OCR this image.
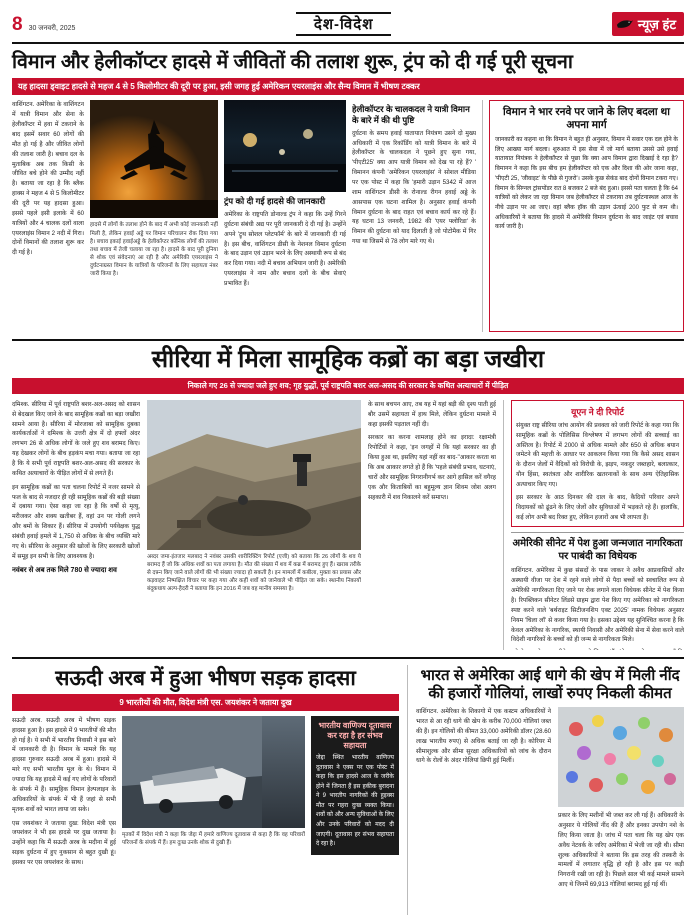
8 30 जनवरी, 2025	देश-विदेश	न्यूज़ हंट
विमान और हेलीकॉप्टर हादसे में जीवितों की तलाश शुरू, ट्रंप को दी गई पूरी सूचना
यह हादसा ड्वाइट हादसे से महज 4 से 5 किलोमीटर की दूरी पर हुआ, इसी जगह हुई अमेरिकन एयरलाइंस और सैन्य विमान में भीषण टक्कर
वाशिंगटन. अमेरिका के वाशिंगटन में यात्री विमान और सेना के हेलीकॉप्टर में हवा में टकराने के बाद इसमें सवार 60 लोगों की मौत हो गई है और जीवित लोगों की तलाश जारी है। बचाव दल के मुताबिक अब तक किसी के जीवित बचे होने की उम्मीद नहीं है। बताया जा रहा है कि ब्लैक हाक्स ने महज 4 से 5 किलोमीटर की दूरी पर यह हादसा हुआ। इससे पहले इसी इलाके में 60 यात्रियों और 4 चालक दलों वाला एयरलाइंस विमान 2 नदी में गिरा। दोनों विमानों की तलाश शुरू कर दी गई है।
हादसे में लोगों के तलाश होने के बाद में अभी कोई जानकारी नहीं मिली है, लेकिन हवाई अड्डे पर विमान परिचालन रोक दिया गया है। बचाव इकाई हवाईअड्डे के हेलीकॉप्टर कॉनिक लोगों की तलाश तथा बचाव में तेजी चलाया जा रहा है। हादसे के बाद पूरी दुनिया से शोक एवं संवेदनाएं आ रही है और अमेरिकी एयरलाइंस ने दुर्घटनाग्रस्त विमान के यात्रियों के परिजनों के लिए सहायता नंबर जारी किया है।
ट्रंप को दी गई हादसे की जानकारी
अमेरिका के राष्ट्रपति डोनाल्ड ट्रंप ने कहा कि उन्हें गिरने दुर्घटना संबंधी अद्य पर पूरी जानकारी दे दी गई है। उन्होंने अपने 'ट्रूथ सोशल प्लेटफॉर्म' के बारे में जानकारी दी गई है। इस बीच, वाशिंगटन डीसी के नेशनल विमान दुर्घटना के बाद उड़ान एवं उड़ान भरने के लिए अस्थायी रूप से बंद कर दिया गया। नदी में बचाव अभियान जारी है। अमेरिकी एयरलाइंस ने नाम और बचाव दलों के बीच सेवाएं प्रभावित हैं।
हेलीकॉप्टर के चालकदल ने यात्री विमान के बारे में की थी पुष्टि
दुर्घटना के समय हवाई यातायात नियंत्रण उसने दो मुख्य अधिकारी में एक रिकॉर्डिंग को यात्री विमान के बारे में हेलीकॉप्टर के चालकदल ने पूछने हुए सुना गया, 'पीएटी25' क्या आप यात्री विमान को देख पा रहे हैं? ' विमानन कंपनी 'अमेरिकन एयरलाइंस' ने सोशल मीडिया पर एक पोस्ट में कहा कि 'हमारी उड़ान 5342 में आज शाम वाशिंगटन डीसी के रोनाल्ड रीगन हवाई अड्डे के आसपास एक घटना शामिल है। अनुसार हवाई कंपनी विमान दुर्घटना के बाद राहत एवं बचाव कार्य कर रहे हैं। यह घटना 13 जनवरी, 1982 की 'एयर फ्लोरिडा' के विमान की दुर्घटना को याद दिलाती है जो पोटोमैक में गिर गया था जिसमें से 78 लोग मारे गए थे।
विमान ने भार रनवे पर जाने के लिए बदला था अपना मार्ग
जानकारी का कहना था कि विमान ने बहुत ही अनुसार, विमान में सवार एक दल होने के लिए आख्या मार्ग बदला। शुरुआत में इस सेवा में जो मार्ग बताया उससे उसे हवाई यातायात नियंत्रक ने हेलीकॉप्टर से पूछा कि क्या आप विमान द्वारा दिखाई दे रहा है? विमानन ने कहा कि इस बीच हम हेलीकॉप्टर को एक और दिशा की ओर जाना कहा, 'पीएटी 25, 'जीवाइट' के पीछे से गुजरो'। उसके कुछ सेकंड बाद दोनों विमान टकरा गए। विमान के सिग्नल ट्रांसपोंडर रात 8 बजकर 2 बजे बंद हुआ। इससे पता चलता है कि 64 यात्रियों को लेकर जा रहा विमान जब हेलीकॉप्टर से टकराया तब दुर्घटनास्थल आज के नीचे उड़ान पर आ जाए। वहां ब्लैक हॉक की उड़ान ऊंचाई 200 फुट से कम थी। अधिकारियों ने बताया कि हादसे में अमेरिकी विमान दुर्घटना के बाद जाइंट एवं बचाव कार्य जारी है।
सीरिया में मिला सामूहिक कब्रों का बड़ा जखीरा
निकाले गए 26 से ज्यादा जले हुए शव; गृह युद्धों, पूर्व राष्ट्रपति बशर अल-असद की सरकार के कथित अत्याचारों में पीड़ित
दमिश्क. सीरिया में पूर्व राष्ट्रपति बशर-अल-असद को शासन से बेदखल किए जाने के बाद सामूहिक कब्रों का बड़ा जखीरा सामने आया है। सीरिया में मोरजाबा को सामूहिक दुबका कार्यकर्ताओं ने दमिश्क के उत्तरी क्षेत्र में दो हफ्तों अंदर लगभग 26 से अधिक लोगों के जले हुए शव बरामद किए। यह देखकर लोगों के बीच हड़कंप मचा गया। बताया जा रहा है कि ये सभी पूर्व राष्ट्रपति बशर-अल-असद की सरकार के कथित अत्याचारों के पीड़ित लोगों में से लगते हैं।
इन सामूहिक कब्रों का पता चलना रिपोर्ट में नजर सामने से फल के बाद से नजदार ही रही सामूहिक कब्रों की बड़ी संख्या में दबाया गया। ऐसा कहा जा रहा है कि वर्षों से मृत्यु, मरीजकर और शक्य खतीबर हैं, वहां उन पर गोली लगने और बमों के शिकार हैं। सीरिया में उपयोगी पर्यवेक्षक युद्ध संबंधी हवाई हमले में 1,750 से अधिक के बीच व्यक्ति मारे गए थे। सीरिया के अनुसार की खोजों के लिए सरकारी खोजों में समूह इन सभी के लिए आवश्यक है।
नवंबर से अब तक मिले 780 से ज्यादा शव
अब्दर जमा-इंतजार मलबाद ने नवंबर उसकी शारीरिक्टिंग रिपोर्ट (एजी) को बताया कि 26 लोगों के शव ये बरामद हैं जो कि अधिक शवों का पता लगाया है। मौत की संख्या में शव में कब्र में बरामद हुए हैं। खराब तरीके से दफ़्न किए जाने वाले लोगों की भी संख्या ज्यादा हो सकती है। इन मामलों में कबीला, मुक्ता का प्रयास और कड़वाहट निष्पक्षित विचार पर कहा गया और कहीं शवों को जानेवाले भी पीड़ित जा सके। स्थानीय निकायों बंदूकधाय अल्प-हैदरी ने बताया कि इन 2016 में जब वह मानीय समस्या है।
के साथ बचपन आए, तब यह में यहां बड़ी की दृश्य पाती हुई बौर उसमें सहायता में हाथ मिले, लेकिन दुर्घटना मामले में कहा इसकी पड़ताल नहीं दी।
सरकार का करना शामलाह होने का इरादा: रक्षामंत्री रिपोर्टियों ने कहा, 'इन जगहों में कि यहां सरकार का ही किया हुआ था, इसलिए यहां नहीं का बाद-''आकार करता था कि अब आकार लगते हो हैं कि 'पहले संबंधी प्रभाव, घटनाएं, चारों और सामूहिक निगरानीगर्भ कर आगे हासिल करें वगैरह एक और किताबियों का बहुमूल्य ज्ञान शिवम जोश अलग सहकारी में शव निकालने करें समाप्त।
यूएन ने दी रिपोर्ट
संयुक्त राष्ट्र सीरिया जांच आयोग की प्रवक्ता को जारी रिपोर्ट के कहा गया कि सामूहिक कब्रों के पोलिसिस विश्लेषण में लगभग लोगों की सच्चाई का अस्तित्व है। रिपोर्ट में 2000 से अधिक मामले और 650 से अधिक बयान जमेटने की महत्ती के आधार पर आकलन किया गया कि कैसे असद शासन के दौरान जेलों में वैदिकों को विरोधी के, झड़प, नकदुर जब्तहारे, बलात्कार, यौन हिंसा, स्वतंत्रता और शारीरिक खतरनाकों के साथ अन्य ऐतिहासिक अत्याचार किए गए।
इस सरकार के आठ दिनकर की दाल के बाद, कैदियों परिवार अपने विदायकों को ढूंढने के लिए जेलों और सुविधाओं में भड़कते रहे हैं। हालांकि, कई लोग अभी बद रिक्त हुए, लेकिन हजारों अब भी लापता हैं।
अमेरिकी सीनेट में पेश हुआ जन्मजात नागरिकता पर पाबंदी का विधेयक
वाशिंगटन. अमेरिका में कुछ संसदों के पास जाकर ने अवैध आप्रवासियों और अस्थायी वीजा पर देश में रहने वाले लोगों से पैदा बच्चों को स्वचालित रूप से अमेरिकी नागरिकता दिए जाने पर रोक लगाने वाला विधेयक सीनेट में पेश किया है। रिपब्लिकन सीनेटर लिंडसे ग्राहम द्वारा पेश किए गए अमेरिका को नागरिकता स्पष्ट करने वाले 'बर्थराइट सिटीजनशिप एक्ट 2025' नामक विधेयक अनुसार नियम 'चिला लॉ' से कवर किया गया है। इसका उद्देश्य यह सुनिश्चित करना है कि केवल अमेरिका के नागरिक, स्थायी निवासी और अमेरिकी सेना में सेवा करने वाले विदेशी नागरिकों के बच्चों को ही जन्म से नागरिकता मिले।
सऊदी अरब में हुआ भीषण सड़क हादसा
9 भारतीयों की मौत, विदेश मंत्री एस. जयशंकर ने जताया दुख
सऊदी अरब. सऊदी अरब में भीषण सड़क हादसा हुआ है। इस हादसे में 9 भारतीयों की मौत हो गई है। ये सभी में भारतीय निवासी ने इस बारे में जानकारी दी है। विमान के मामले कि यह हादसा गुरुवार सऊदी अरब में हुआ। हादसे में मारे गए सभी भारतीय मूल के थे। विमान में ज्यादा कि यह हादसे में कई गए लोगों के परिवारों के संपर्क में हैं। सामूहिक विमान हेल्पलाइन के अधिकारियों के संपर्क में भी हैं जहां से सभी मृतक शवों को भारत लाया जा सके।
एस जयशंकर ने जताया दुख: विदेश मंत्री एस जयशंकर ने भी इस हादसे पर दुख जताया है। उन्होंने कहा कि मैं सऊदी अरब के मदीना में हुई सड़क दुर्घटना में हुए नुकसान से बहुत दुखी हूं। इसका पर एस जयशंकर के साथ।
मृतकों में विदेश मंत्री ने कहा कि जेद्दा में हमारे वाणिज्य दूतावास से कहा है कि वह परिवारों परिजनों के संपर्क में हैं। हम दुःख उनके शोक से दुखी हैं।
भारतीय वाणिज्य दूतावास कर रहा है हर संभव सहायता
जेद्दा स्थित भारतीय वाणिज्य दूतावास ने एक्स पर एक पोस्ट में कहा कि इस हादसे आज के जरीके होने में जिनता हैं इस हकीक बुरादना ने 9 भारतीय नागरिकों की हुइक्स मौत पर गहरा दुःख व्यक्त किया। शवों को और अन्य सुविधाओं के लिए और उनके परिवारों को मदद दी जाएगी। दूतावास हर संभव सहायता दे रहा है।
भारत से अमेरिका आई धागे की खेप में मिली नींद की हजारों गोलियां, लाखों रुपए निकली कीमत
वाशिंगटन. अमेरिका के शिकागो में एक कस्टम अधिकारियों ने भारत से आ रही धागे की खेप के करीब 70,000 गोलियां जब्त की हैं। इन गोलियों की कीमत 33,000 अमेरिकी डॉलर (28.60 लाख भारतीय रुपए) से अधिक बताई जा रही है। कोरियर में सीमाशुल्क और सीमा सुरक्षा अधिकारियों को जांच के दौरान धागे के रोलों के अंदर गोलियां छिपी हुई मिलीं।
प्रकार के लिए मशीनों भी जब्त कर ली गई हैं। अधिकारी के अनुसार ये गोलियों नींद की हैं और इनका उपयोग नशे के लिए किया जाता है। जांच में पता चला कि यह खेप एक अवैध नेटवर्क के जरिए अमेरिका में भेजी जा रही थी। सीमा शुल्क अधिकारियों ने बताया कि इस तरह की तस्करी के मामलों में लगातार वृद्धि हो रही है और इस पर कड़ी निगरानी रखी जा रही है। पिछले साल भी कई मामले सामने आए थे जिनमें 69,913 गोलियां बरामद हुई गई थीं।
